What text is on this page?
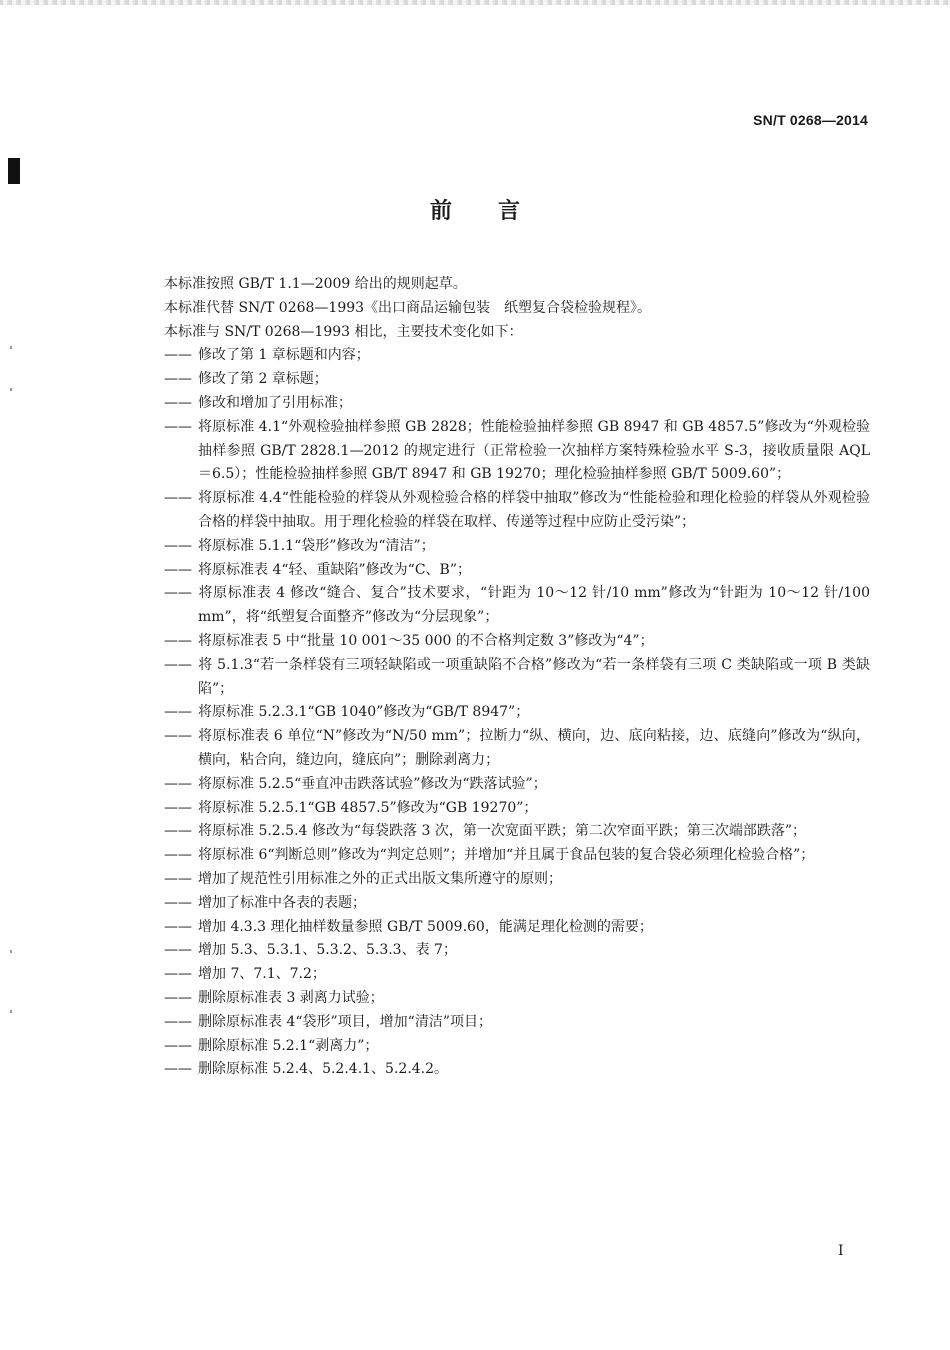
SN/T 0268—2014
前言

本标准按照 GB/T 1.1—2009 给出的规则起草。

本标准代替 SN/T 0268—1993《出口商品运输包装　纸塑复合袋检验规程》。

本标准与 SN/T 0268—1993 相比，主要技术变化如下：

—— 修改了第 1 章标题和内容；

—— 修改了第 2 章标题；

—— 修改和增加了引用标准；

—— 将原标准 4.1“外观检验抽样参照 GB 2828；性能检验抽样参照 GB 8947 和 GB 4857.5”修改为“外观检验抽样参照 GB/T 2828.1—2012 的规定进行（正常检验一次抽样方案特殊检验水平 S-3，接收质量限 AQL＝6.5）；性能检验抽样参照 GB/T 8947 和 GB 19270；理化检验抽样参照 GB/T 5009.60”；

—— 将原标准 4.4“性能检验的样袋从外观检验合格的样袋中抽取”修改为“性能检验和理化检验的样袋从外观检验合格的样袋中抽取。用于理化检验的样袋在取样、传递等过程中应防止受污染”；

—— 将原标准 5.1.1“袋形”修改为“清洁”；

—— 将原标准表 4“轻、重缺陷”修改为“C、B”；

—— 将原标准表 4 修改“缝合、复合”技术要求，“针距为 10～12 针/10 mm”修改为“针距为 10～12 针/100 mm”，将“纸塑复合面整齐”修改为“分层现象”；

—— 将原标准表 5 中“批量 10 001～35 000 的不合格判定数 3”修改为“4”；

—— 将 5.1.3“若一条样袋有三项轻缺陷或一项重缺陷不合格”修改为“若一条样袋有三项 C 类缺陷或一项 B 类缺陷”；

—— 将原标准 5.2.3.1“GB 1040”修改为“GB/T 8947”；

—— 将原标准表 6 单位“N”修改为“N/50 mm”；拉断力“纵、横向，边、底向粘接，边、底缝向”修改为“纵向，横向，粘合向，缝边向，缝底向”；删除剥离力；

—— 将原标准 5.2.5“垂直冲击跌落试验”修改为“跌落试验”；

—— 将原标准 5.2.5.1“GB 4857.5”修改为“GB 19270”；

—— 将原标准 5.2.5.4 修改为“每袋跌落 3 次，第一次宽面平跌；第二次窄面平跌；第三次端部跌落”；

—— 将原标准 6“判断总则”修改为“判定总则”；并增加“并且属于食品包装的复合袋必须理化检验合格”；

—— 增加了规范性引用标准之外的正式出版文集所遵守的原则；

—— 增加了标准中各表的表题；

—— 增加 4.3.3 理化抽样数量参照 GB/T 5009.60，能满足理化检测的需要；

—— 增加 5.3、5.3.1、5.3.2、5.3.3、表 7；

—— 增加 7、7.1、7.2；

—— 删除原标准表 3 剥离力试验；

—— 删除原标准表 4“袋形”项目，增加“清洁”项目；

—— 删除原标准 5.2.1“剥离力”；

—— 删除原标准 5.2.4、5.2.4.1、5.2.4.2。

I
